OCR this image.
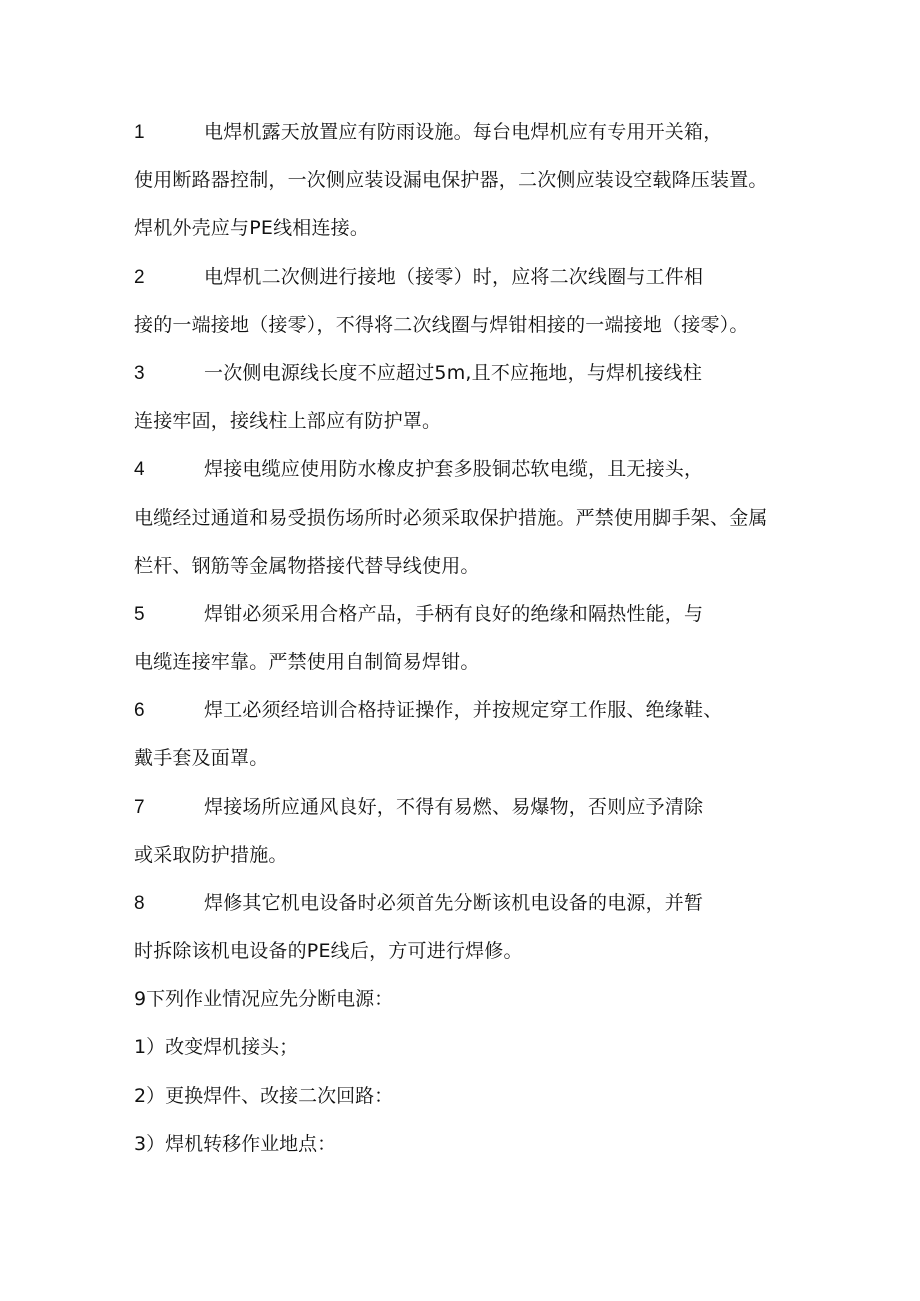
1	电焊机露天放置应有防雨设施。每台电焊机应有专用开关箱，
使用断路器控制，一次侧应装设漏电保护器，二次侧应装设空载降压装置。
焊机外壳应与PE线相连接。
2	电焊机二次侧进行接地（接零）时，应将二次线圈与工件相
接的一端接地（接零），不得将二次线圈与焊钳相接的一端接地（接零）。
3	一次侧电源线长度不应超过5m,且不应拖地，与焊机接线柱
连接牢固，接线柱上部应有防护罩。
4	焊接电缆应使用防水橡皮护套多股铜芯软电缆，且无接头，
电缆经过通道和易受损伤场所时必须采取保护措施。严禁使用脚手架、金属
栏杆、钢筋等金属物搭接代替导线使用。
5	焊钳必须采用合格产品，手柄有良好的绝缘和隔热性能，与
电缆连接牢靠。严禁使用自制简易焊钳。
6	焊工必须经培训合格持证操作，并按规定穿工作服、绝缘鞋、
戴手套及面罩。
7	焊接场所应通风良好，不得有易燃、易爆物，否则应予清除
或采取防护措施。
8	焊修其它机电设备时必须首先分断该机电设备的电源，并暂
时拆除该机电设备的PE线后，方可进行焊修。
9下列作业情况应先分断电源：
1）改变焊机接头；
2）更换焊件、改接二次回路：
3）焊机转移作业地点：
